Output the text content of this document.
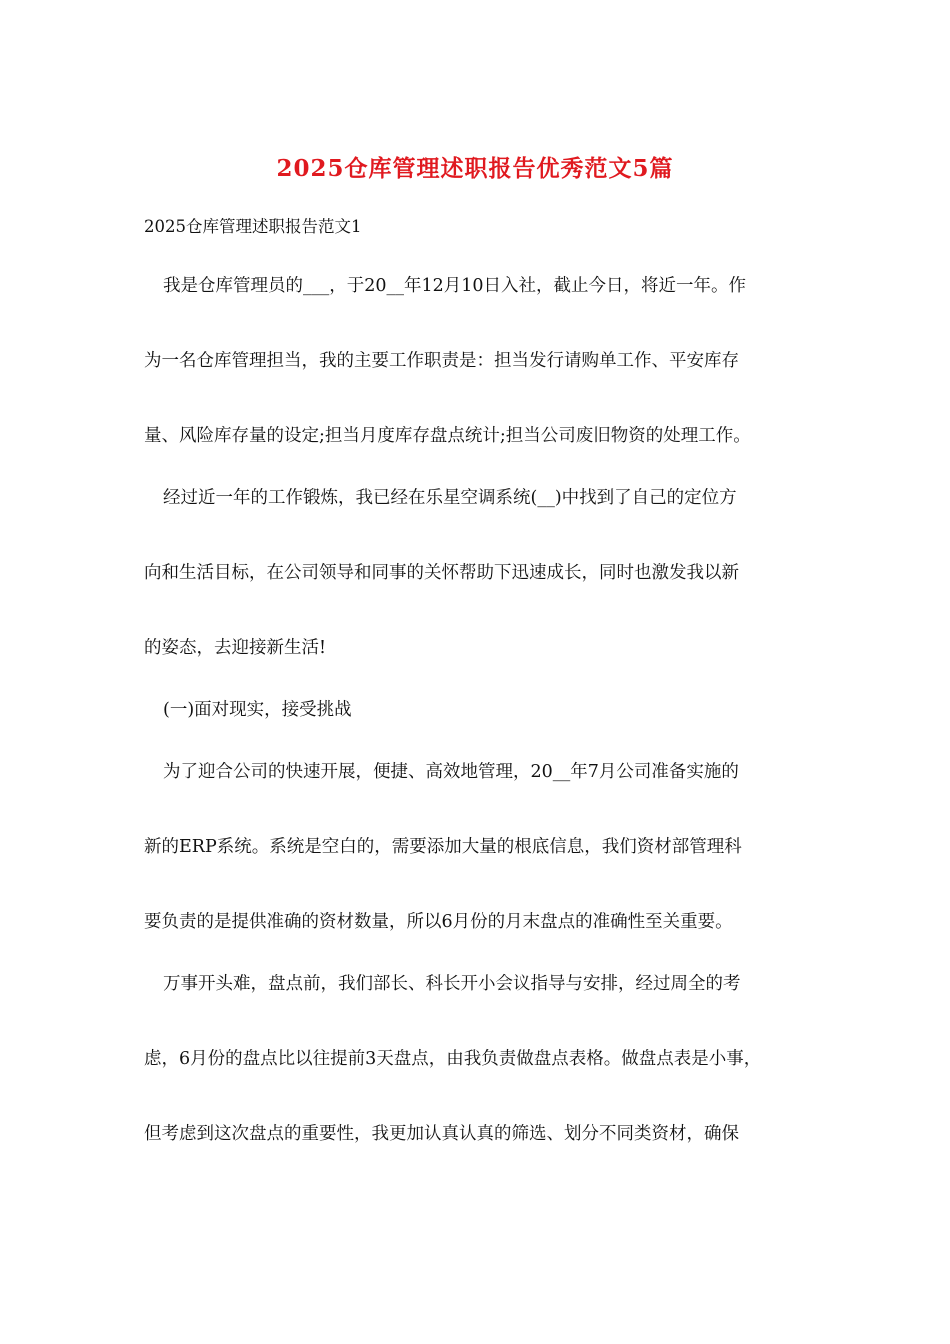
2025仓库管理述职报告优秀范文5篇
2025仓库管理述职报告范文1
我是仓库管理员的___，于20__年12月10日入社，截止今日，将近一年。作
为一名仓库管理担当，我的主要工作职责是：担当发行请购单工作、平安库存
量、风险库存量的设定;担当月度库存盘点统计;担当公司废旧物资的处理工作。
经过近一年的工作锻炼，我已经在乐星空调系统(__)中找到了自己的定位方
向和生活目标，在公司领导和同事的关怀帮助下迅速成长，同时也激发我以新
的姿态，去迎接新生活!
(一)面对现实，接受挑战
为了迎合公司的快速开展，便捷、高效地管理，20__年7月公司准备实施的
新的ERP系统。系统是空白的，需要添加大量的根底信息，我们资材部管理科
要负责的是提供准确的资材数量，所以6月份的月末盘点的准确性至关重要。
万事开头难，盘点前，我们部长、科长开小会议指导与安排，经过周全的考
虑，6月份的盘点比以往提前3天盘点，由我负责做盘点表格。做盘点表是小事，
但考虑到这次盘点的重要性，我更加认真认真的筛选、划分不同类资材，确保
